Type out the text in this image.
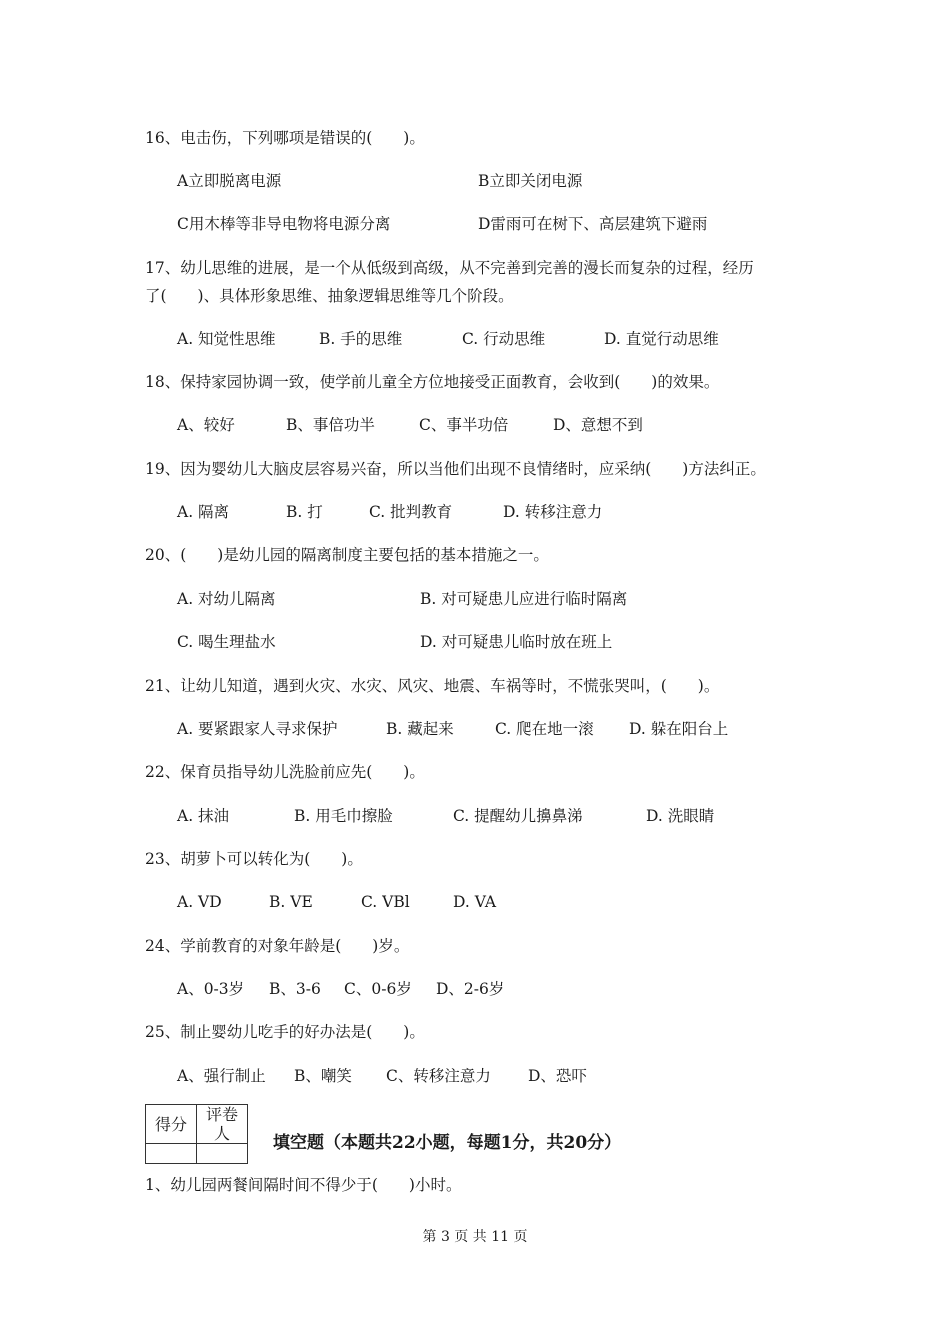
16、电击伤，下列哪项是错误的(　　)。
A立即脱离电源	B立即关闭电源
C用木棒等非导电物将电源分离	D雷雨可在树下、高层建筑下避雨
17、幼儿思维的进展，是一个从低级到高级，从不完善到完善的漫长而复杂的过程，经历
了(　　)、具体形象思维、抽象逻辑思维等几个阶段。
A. 知觉性思维	B. 手的思维	C. 行动思维	D. 直觉行动思维
18、保持家园协调一致，使学前儿童全方位地接受正面教育，会收到(　　)的效果。
A、较好	B、事倍功半	C、事半功倍	D、意想不到
19、因为婴幼儿大脑皮层容易兴奋，所以当他们出现不良情绪时，应采纳(　　)方法纠正。
A. 隔离	B. 打	C. 批判教育	D. 转移注意力
20、(　　)是幼儿园的隔离制度主要包括的基本措施之一。
A. 对幼儿隔离	B. 对可疑患儿应进行临时隔离
C. 喝生理盐水	D. 对可疑患儿临时放在班上
21、让幼儿知道，遇到火灾、水灾、风灾、地震、车祸等时，不慌张哭叫，(　　)。
A. 要紧跟家人寻求保护	B. 藏起来	C. 爬在地一滚 D. 躲在阳台上
22、保育员指导幼儿洗脸前应先(　　)。
A. 抹油	B. 用毛巾擦脸	C. 提醒幼儿擤鼻涕	D. 洗眼睛
23、胡萝卜可以转化为(　　)。
A. VD	B. VE	C. VBl	D. VA
24、学前教育的对象年龄是(　　)岁。
A、0-3岁 B、3-6 C、0-6岁 D、2-6岁
25、制止婴幼儿吃手的好办法是(　　)。
A、强行制止 B、嘲笑 C、转移注意力 D、恐吓
得分	评卷人
		填空题（本题共22小题，每题1分，共20分）
1、幼儿园两餐间隔时间不得少于(　　)小时。
第 3 页 共 11 页
